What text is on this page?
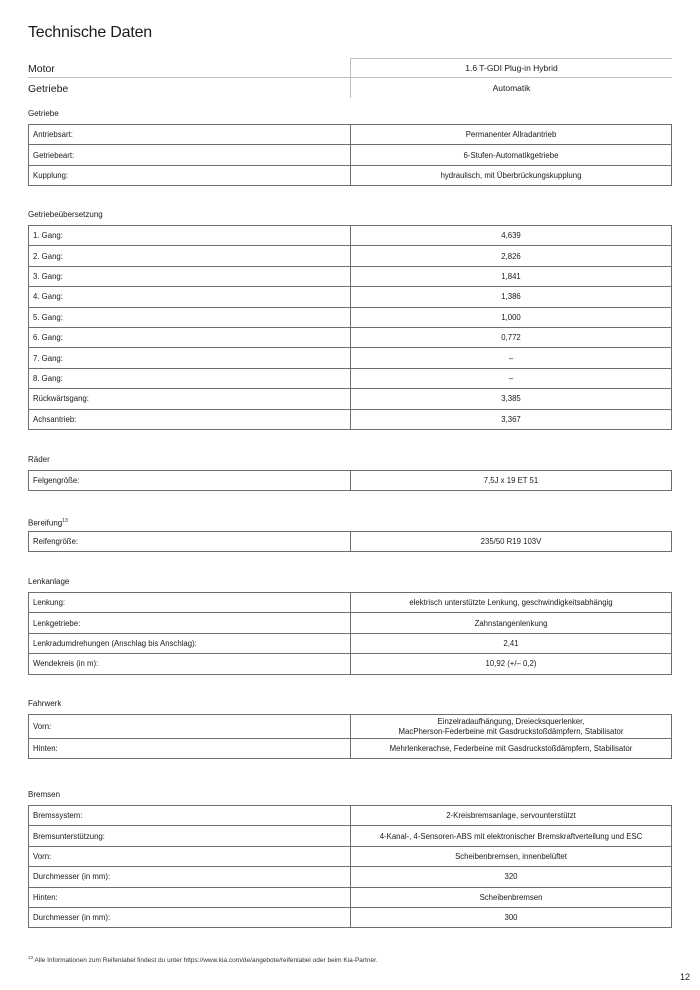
Technische Daten
Motor	1.6 T-GDI Plug-in Hybrid
Getriebe	Automatik
Getriebe
Antriebsart:	Permanenter Allradantrieb
Getriebeart:	6-Stufen-Automatikgetriebe
Kupplung:	hydraulisch, mit Überbrückungskupplung
Getriebeübersetzung
1. Gang:	4,639
2. Gang:	2,826
3. Gang:	1,841
4. Gang:	1,386
5. Gang:	1,000
6. Gang:	0,772
7. Gang:	–
8. Gang:	–
Rückwärtsgang:	3,385
Achsantrieb:	3,367
Räder
Felgengröße:	7,5J x 19 ET 51
Bereifung$^{13}$
Reifengröße:	235/50 R19 103V
Lenkanlage
Lenkung:	elektrisch unterstützte Lenkung, geschwindigkeitsabhängig
Lenkgetriebe:	Zahnstangenlenkung
Lenkradumdrehungen (Anschlag bis Anschlag):	2,41
Wendekreis (in m):	10,92 (+/– 0,2)
Fahrwerk
Vorn:	Einzelradaufhängung, Dreiecksquerlenker,
MacPherson-Federbeine mit Gasdruckstoßdämpfern, Stabilisator

Hinten:	Mehrlenkerachse, Federbeine mit Gasdruckstoßdämpfern, Stabilisator
Bremsen
Bremssystem:	2-Kreisbremsanlage, servounterstützt
Bremsunterstützung:	4-Kanal-, 4-Sensoren-ABS mit elektronischer Bremskraftverteilung und ESC
Vorn:	Scheibenbremsen, innenbelüftet
Durchmesser (in mm):	320
Hinten:	Scheibenbremsen
Durchmesser (in mm):	300
$^{13}$ Alle Informationen zum Reifenlabel findest du unter https://www.kia.com/de/angebote/reifenlabel oder beim Kia-Partner.
12
